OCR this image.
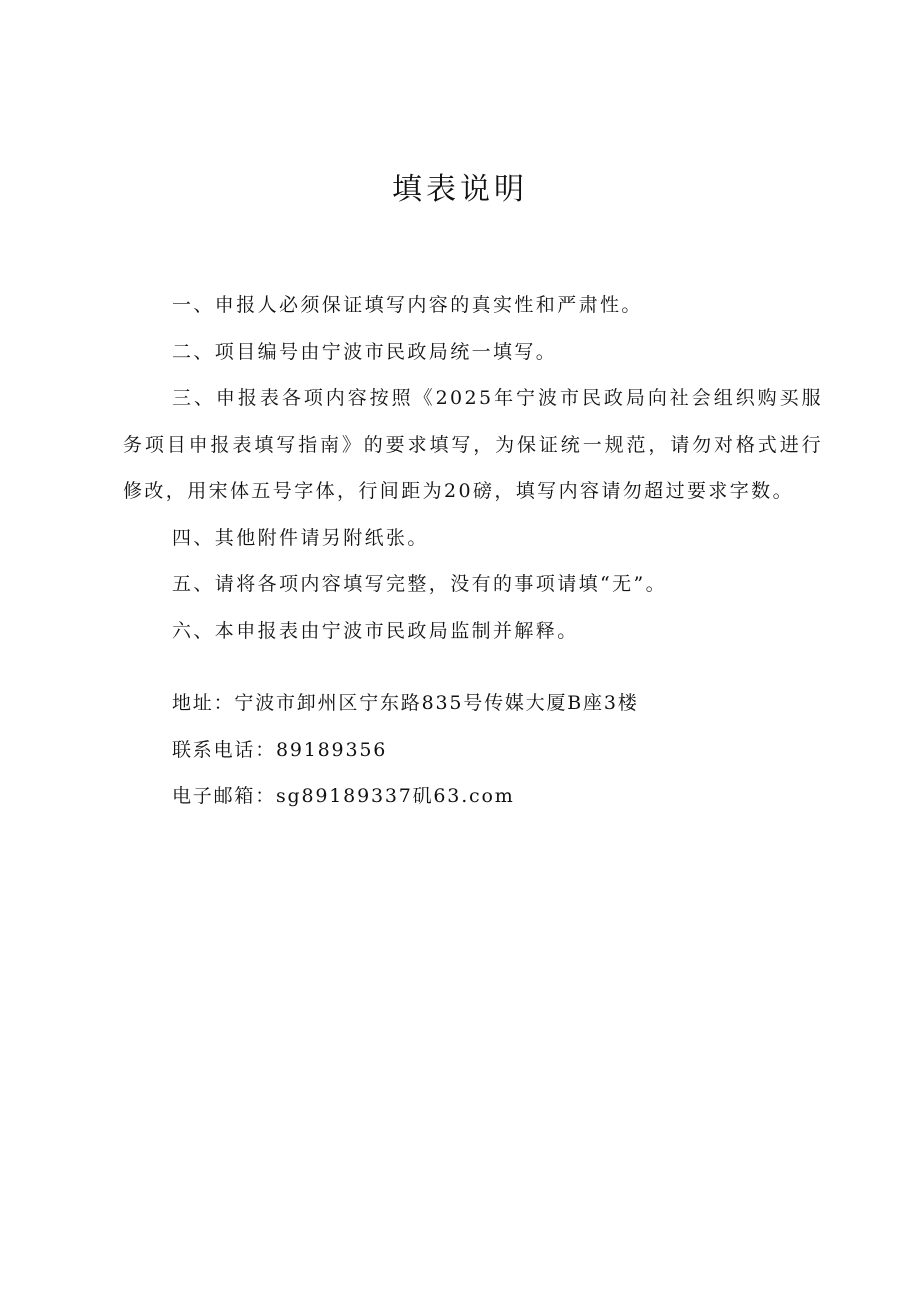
填表说明

一、申报人必须保证填写内容的真实性和严肃性。

二、项目编号由宁波市民政局统一填写。

三、申报表各项内容按照《2025年宁波市民政局向社会组织购买服务项目申报表填写指南》的要求填写，为保证统一规范，请勿对格式进行修改，用宋体五号字体，行间距为20磅，填写内容请勿超过要求字数。

四、其他附件请另附纸张。

五、请将各项内容填写完整，没有的事项请填“无”。

六、本申报表由宁波市民政局监制并解释。

地址：宁波市卸州区宁东路835号传媒大厦B座3楼
联系电话：89189356
电子邮箱：sg89189337矶63.com
